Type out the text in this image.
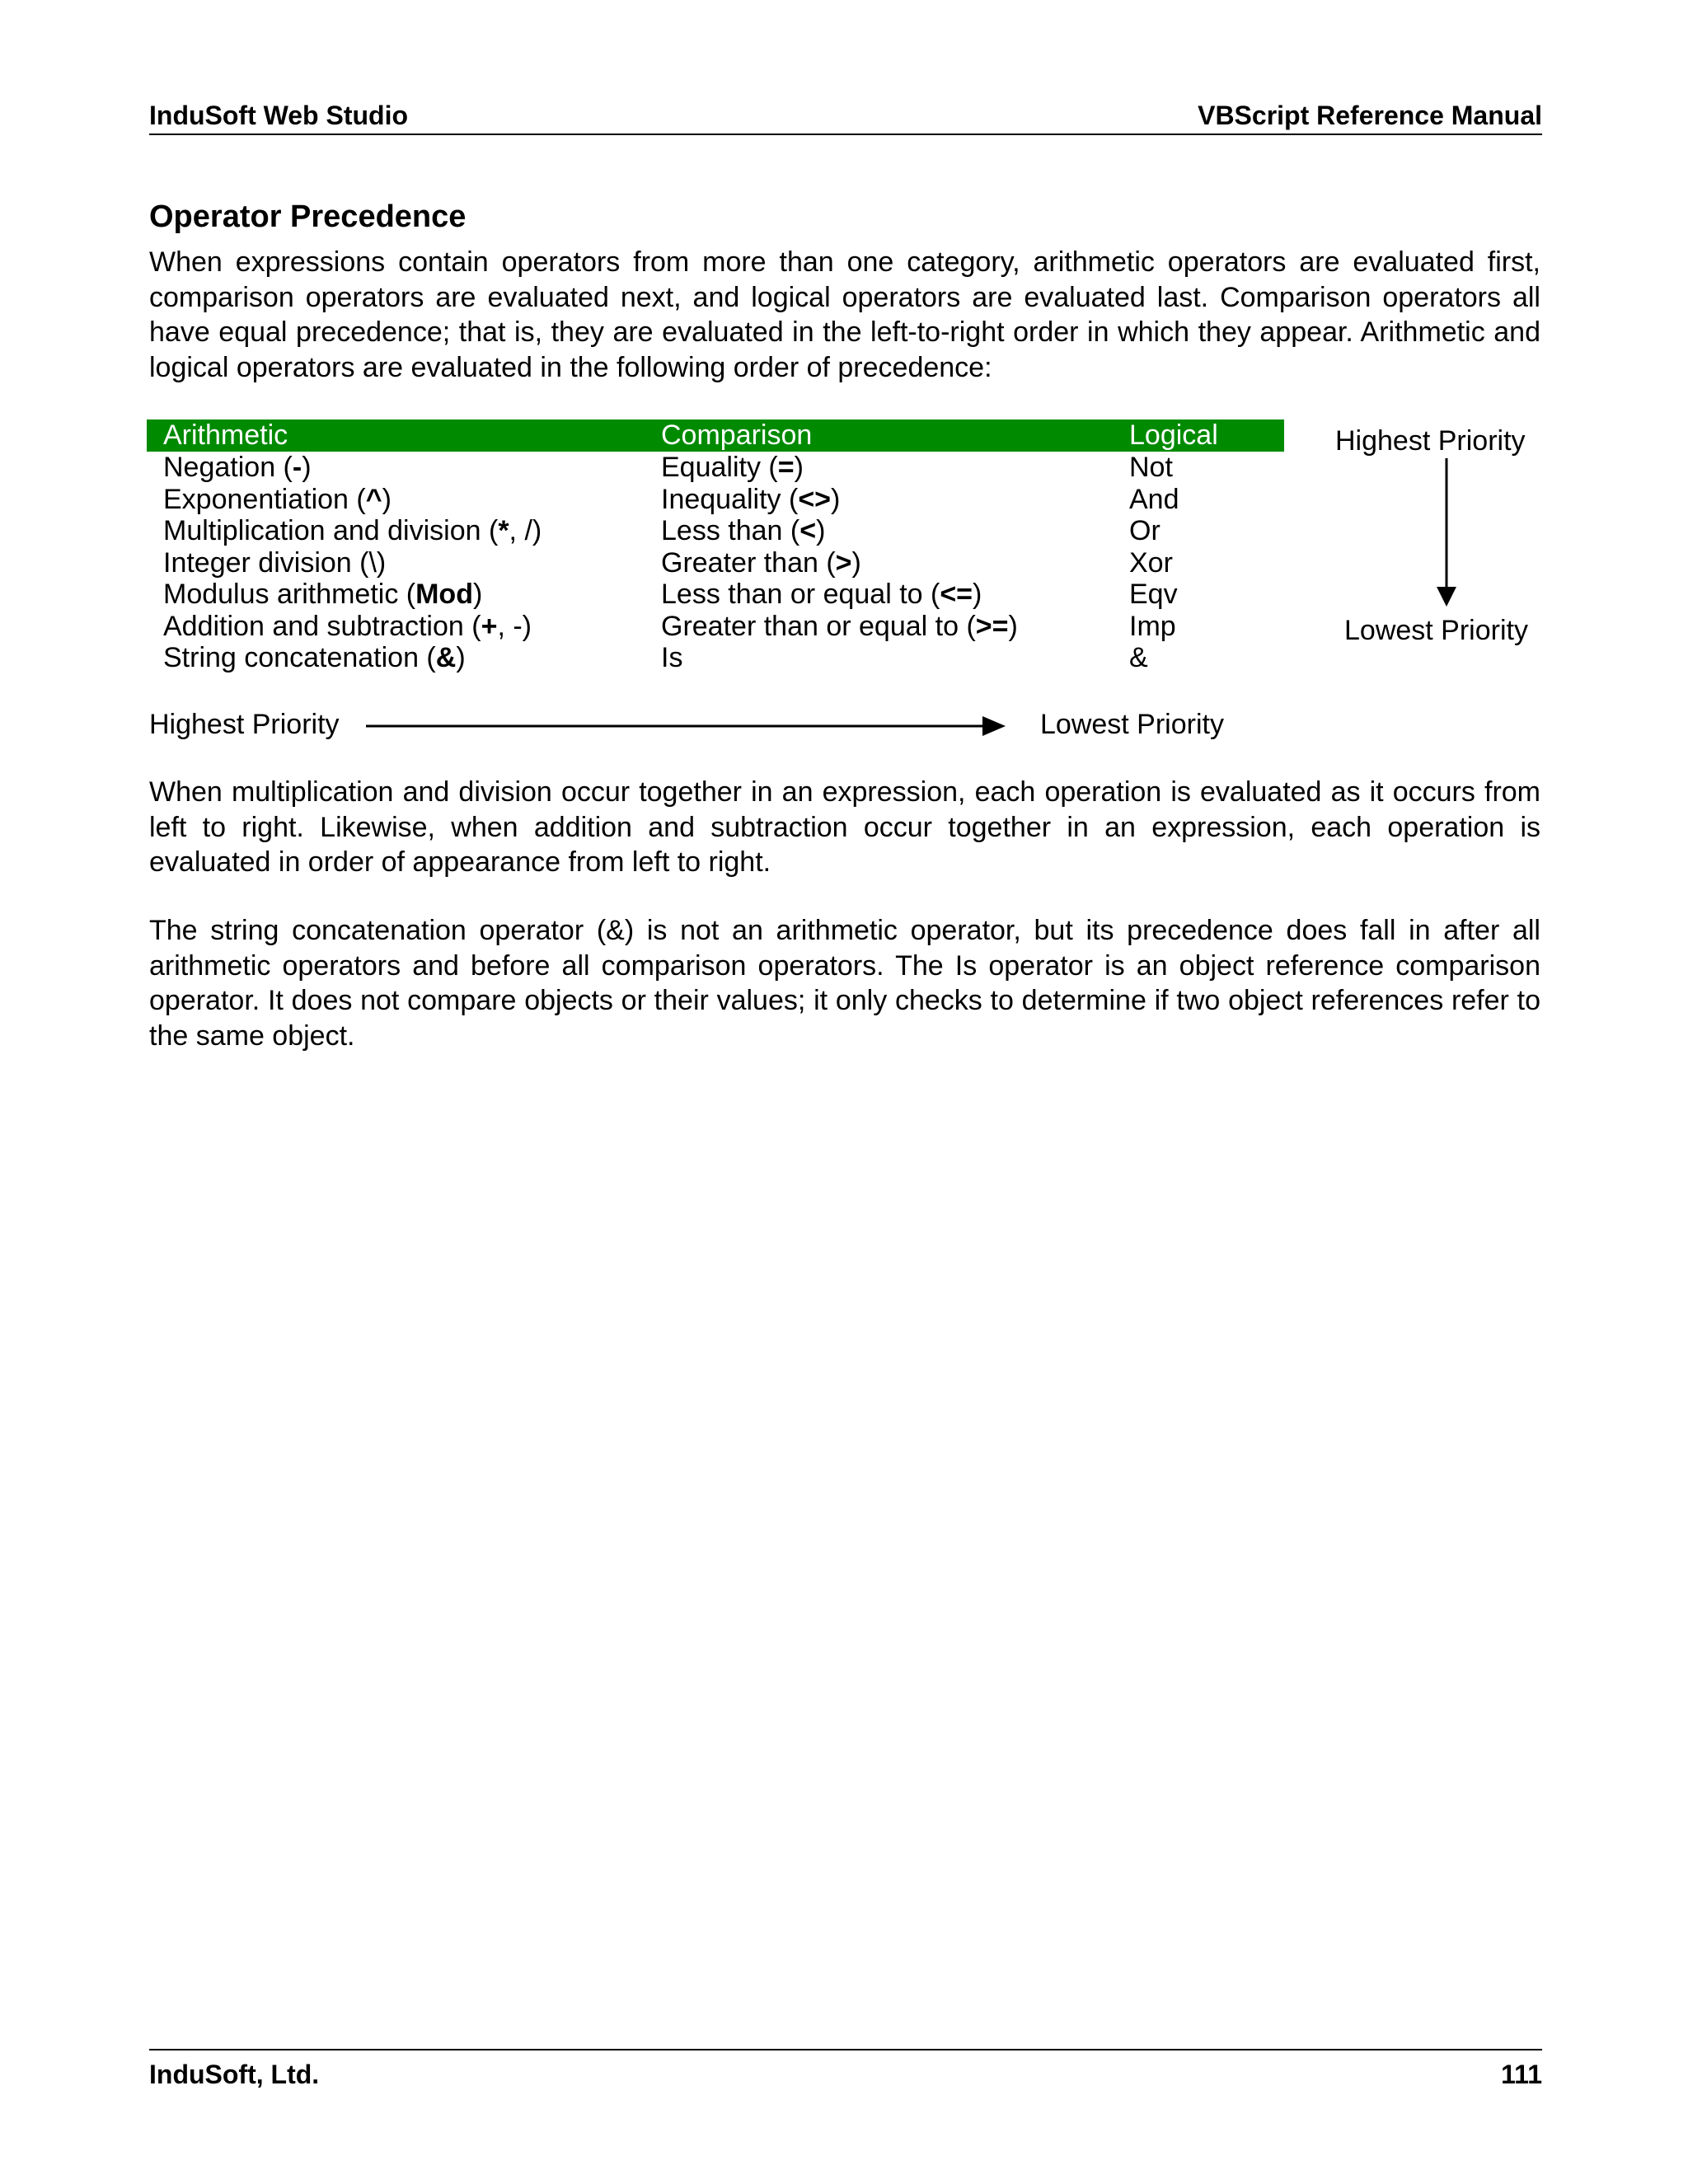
InduSoft Web Studio	VBScript Reference Manual
Operator Precedence

When expressions contain operators from more than one category, arithmetic operators are evaluated first, comparison operators are evaluated next, and logical operators are evaluated last. Comparison operators all have equal precedence; that is, they are evaluated in the left-to-right order in which they appear. Arithmetic and logical operators are evaluated in the following order of precedence:

Arithmetic	Comparison	Logical
Negation (-)	Equality (=)	Not
Exponentiation (^)	Inequality (<>)	And
Multiplication and division (*, /)	Less than (<)	Or
Integer division (\)	Greater than (>)	Xor
Modulus arithmetic (Mod)	Less than or equal to (<=)	Eqv
Addition and subtraction (+, -)	Greater than or equal to (>=)	Imp
String concatenation (&)	Is	&
Highest Priority
Lowest Priority
Highest Priority	Lowest Priority

When multiplication and division occur together in an expression, each operation is evaluated as it occurs from left to right. Likewise, when addition and subtraction occur together in an expression, each operation is evaluated in order of appearance from left to right.

The string concatenation operator (&) is not an arithmetic operator, but its precedence does fall in after all arithmetic operators and before all comparison operators. The Is operator is an object reference comparison operator. It does not compare objects or their values; it only checks to determine if two object references refer to the same object.

InduSoft, Ltd.	111
